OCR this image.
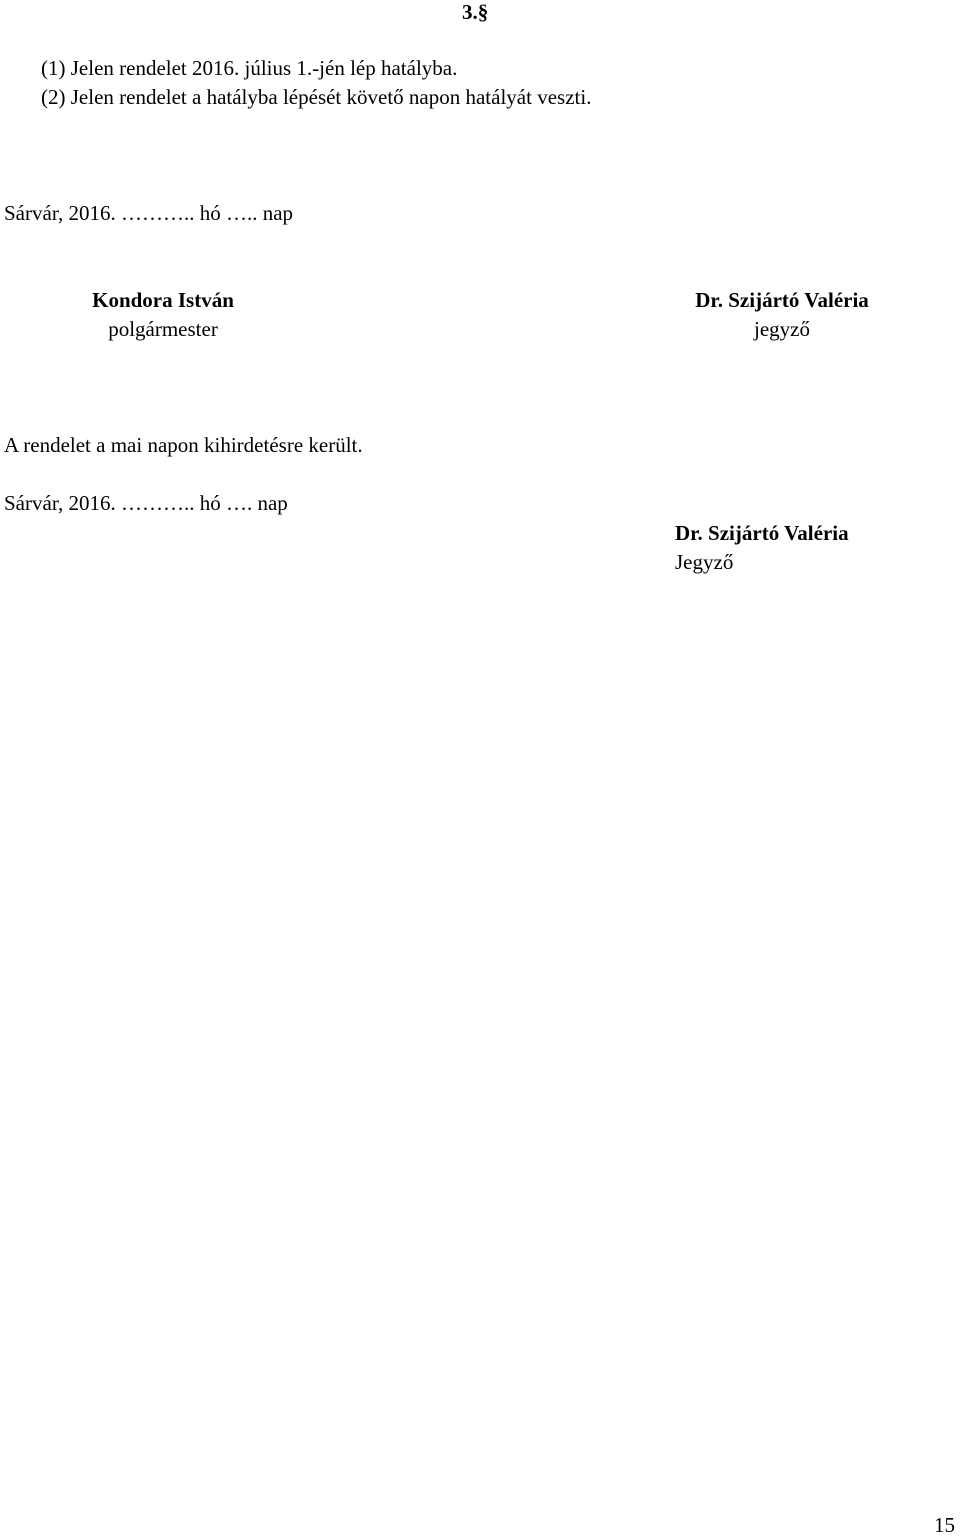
3.§
(1) Jelen rendelet 2016. július 1.-jén lép hatályba.
(2) Jelen rendelet a hatályba lépését követő napon hatályát veszti.
Sárvár, 2016. ……….. hó ….. nap
Kondora István
polgármester
Dr. Szijártó Valéria
jegyző
A rendelet a mai napon kihirdetésre került.
Sárvár, 2016. ……….. hó …. nap
Dr. Szijártó Valéria
Jegyző
15
